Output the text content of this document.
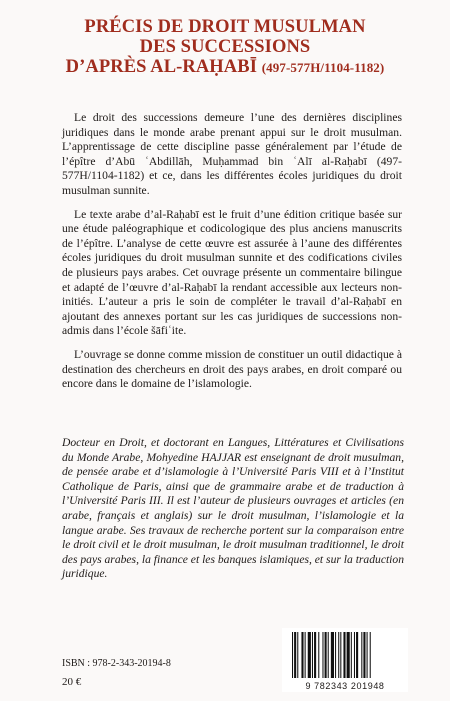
PRÉCIS DE DROIT MUSULMAN
DES SUCCESSIONS
D’APRÈS AL-RAḤABĪ (497-577H/1104-1182)

Le droit des successions demeure l’une des dernières disciplines juridiques dans le monde arabe prenant appui sur le droit musulman. L’apprentissage de cette discipline passe généralement par l’étude de l’épître d’Abū ʿAbdillāh, Muḥammad bin ʿAlī al-Raḥabī (497-577H/1104-1182) et ce, dans les différentes écoles juridiques du droit musulman sunnite.

Le texte arabe d’al-Raḥabī est le fruit d’une édition critique basée sur une étude paléographique et codicologique des plus anciens manuscrits de l’épître. L’analyse de cette œuvre est assurée à l’aune des différentes écoles juridiques du droit musulman sunnite et des codifications civiles de plusieurs pays arabes. Cet ouvrage présente un commentaire bilingue et adapté de l’œuvre d’al-Raḥabī la rendant accessible aux lecteurs non-initiés. L’auteur a pris le soin de compléter le travail d’al-Raḥabī en ajoutant des annexes portant sur les cas juridiques de successions non-admis dans l’école šāfiʿite.

L’ouvrage se donne comme mission de constituer un outil didactique à destination des chercheurs en droit des pays arabes, en droit comparé ou encore dans le domaine de l’islamologie.

Docteur en Droit, et doctorant en Langues, Littératures et Civilisations du Monde Arabe, Mohyedine HAJJAR est enseignant de droit musulman, de pensée arabe et d’islamologie à l’Université Paris VIII et à l’Institut Catholique de Paris, ainsi que de grammaire arabe et de traduction à l’Université Paris III. Il est l’auteur de plusieurs ouvrages et articles (en arabe, français et anglais) sur le droit musulman, l’islamologie et la langue arabe. Ses travaux de recherche portent sur la comparaison entre le droit civil et le droit musulman, le droit musulman traditionnel, le droit des pays arabes, la finance et les banques islamiques, et sur la traduction juridique.

ISBN : 978-2-343-20194-8
20 €	9 782343 201948
